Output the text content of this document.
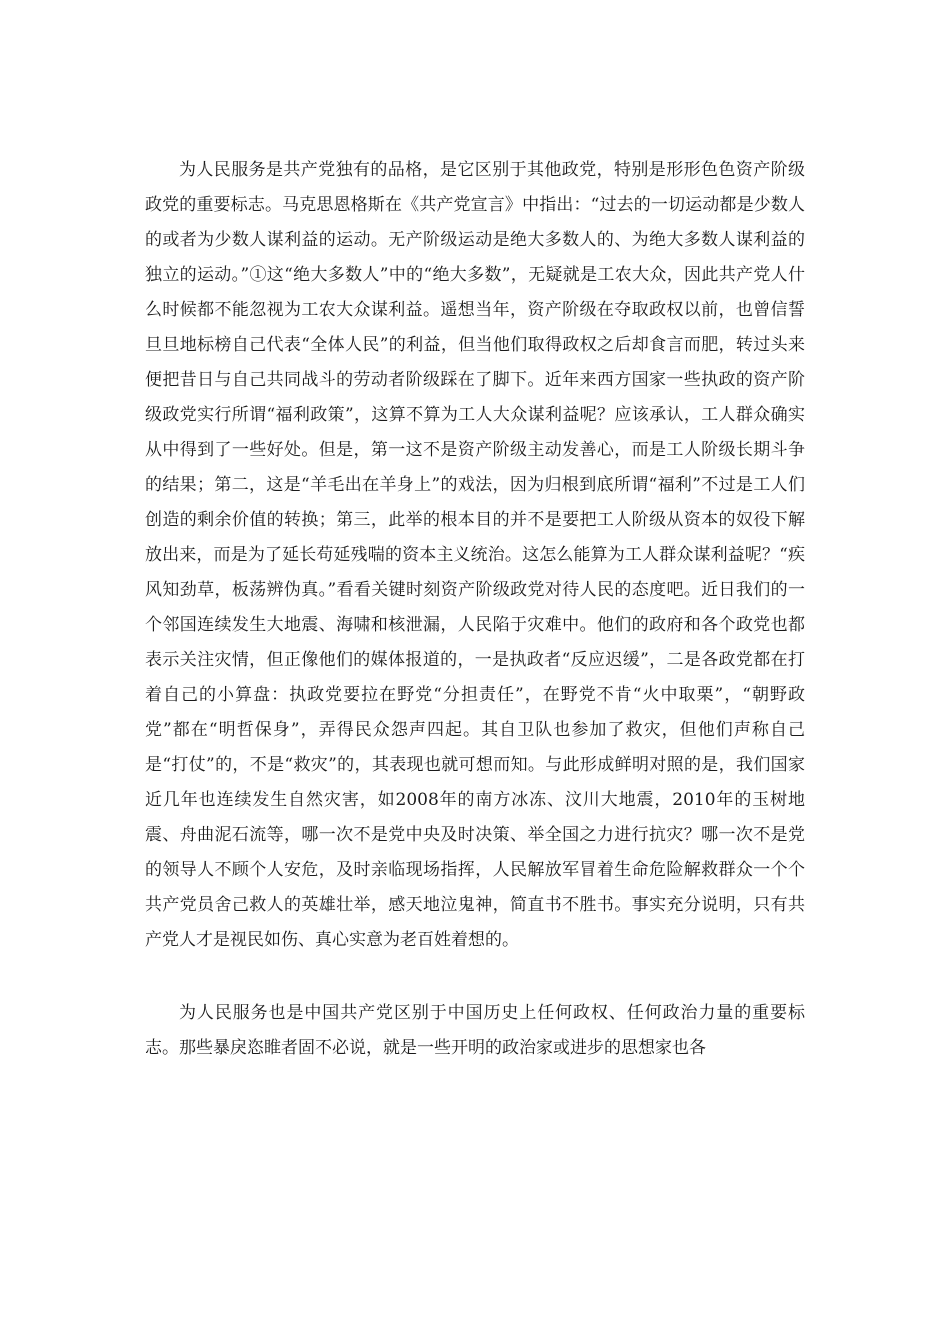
为人民服务是共产党独有的品格，是它区别于其他政党，特别是形形色色资产阶级政党的重要标志。马克思恩格斯在《共产党宣言》中指出：“过去的一切运动都是少数人的或者为少数人谋利益的运动。无产阶级运动是绝大多数人的、为绝大多数人谋利益的独立的运动。”①这“绝大多数人”中的“绝大多数”，无疑就是工农大众，因此共产党人什么时候都不能忽视为工农大众谋利益。遥想当年，资产阶级在夺取政权以前，也曾信誓旦旦地标榜自己代表“全体人民”的利益，但当他们取得政权之后却食言而肥，转过头来便把昔日与自己共同战斗的劳动者阶级踩在了脚下。近年来西方国家一些执政的资产阶级政党实行所谓“福利政策”，这算不算为工人大众谋利益呢？应该承认，工人群众确实从中得到了一些好处。但是，第一这不是资产阶级主动发善心，而是工人阶级长期斗争的结果；第二，这是“羊毛出在羊身上”的戏法，因为归根到底所谓“福利”不过是工人们创造的剩余价值的转换；第三，此举的根本目的并不是要把工人阶级从资本的奴役下解放出来，而是为了延长苟延残喘的资本主义统治。这怎么能算为工人群众谋利益呢？“疾风知劲草，板荡辨伪真。”看看关键时刻资产阶级政党对待人民的态度吧。近日我们的一个邻国连续发生大地震、海啸和核泄漏，人民陷于灾难中。他们的政府和各个政党也都表示关注灾情，但正像他们的媒体报道的，一是执政者“反应迟缓”，二是各政党都在打着自己的小算盘：执政党要拉在野党“分担责任”，在野党不肯“火中取栗”，“朝野政党”都在“明哲保身”，弄得民众怨声四起。其自卫队也参加了救灾，但他们声称自己是“打仗”的，不是“救灾”的，其表现也就可想而知。与此形成鲜明对照的是，我们国家近几年也连续发生自然灾害，如2008年的南方冰冻、汶川大地震，2010年的玉树地震、舟曲泥石流等，哪一次不是党中央及时决策、举全国之力进行抗灾？哪一次不是党的领导人不顾个人安危，及时亲临现场指挥，人民解放军冒着生命危险解救群众一个个共产党员舍己救人的英雄壮举，感天地泣鬼神，简直书不胜书。事实充分说明，只有共产党人才是视民如伤、真心实意为老百姓着想的。

为人民服务也是中国共产党区别于中国历史上任何政权、任何政治力量的重要标志。那些暴戾恣睢者固不必说，就是一些开明的政治家或进步的思想家也各
